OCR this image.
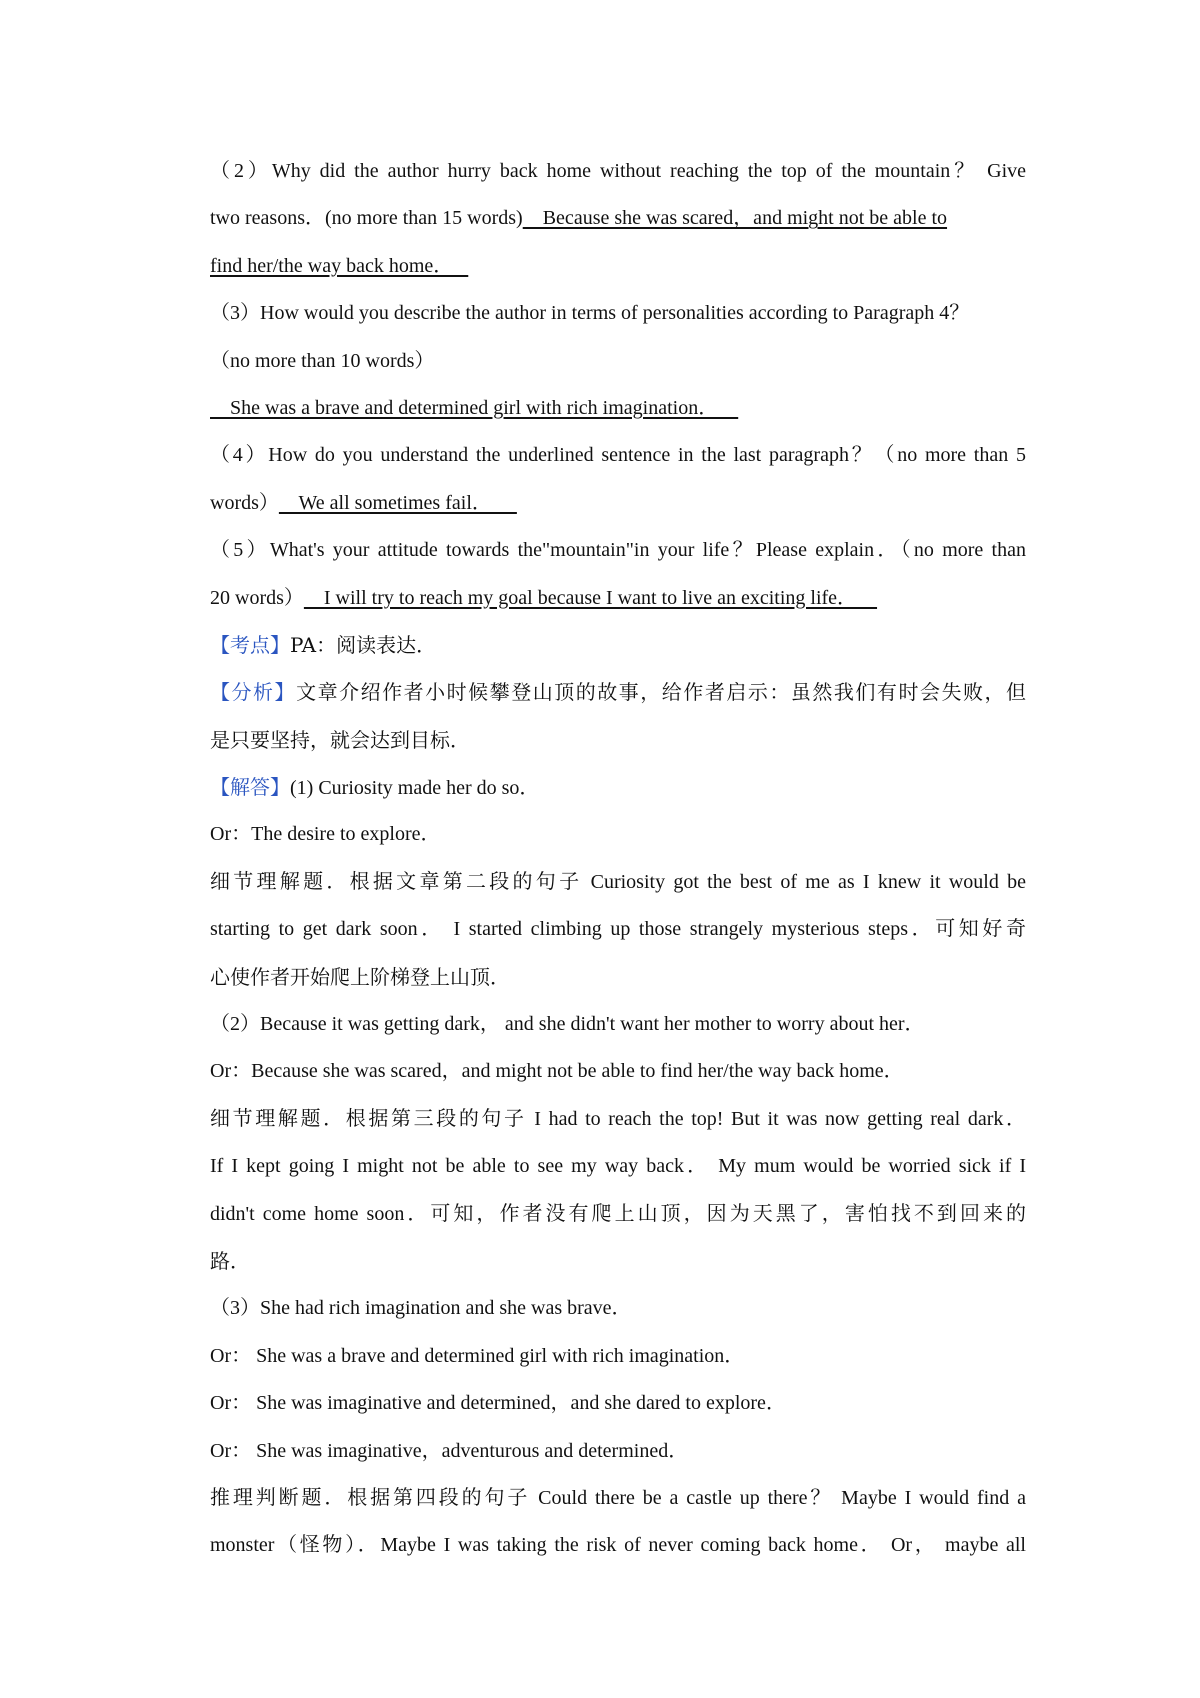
（2）Why did the author hurry back home without reaching the top of the mountain？ Give
two reasons．(no more than 15 words)    Because she was scared，and might not be able to
find her/the way back home．
（3）How would you describe the author in terms of personalities according to Paragraph 4？
（no more than 10 words）
She was a brave and determined girl with rich imagination．
（4）How do you understand the underlined sentence in the last paragraph？（no more than 5
words）    We all sometimes fail．
（5）What's your attitude towards the"mountain"in your life？Please explain．（no more than
20 words）    I will try to reach my goal because I want to live an exciting life．
【考点】PA：阅读表达．
【分析】文章介绍作者小时候攀登山顶的故事，给作者启示：虽然我们有时会失败，但
是只要坚持，就会达到目标．
【解答】(1) Curiosity made her do so．
Or：The desire to explore．
细节理解题．根据文章第二段的句子 Curiosity got the best of me as I knew it would be
starting to get dark soon． I started climbing up those strangely mysterious steps．可知好奇
心使作者开始爬上阶梯登上山顶．
（2）Because it was getting dark， and she didn't want her mother to worry about her．
Or：Because she was scared，and might not be able to find her/the way back home．
细节理解题．根据第三段的句子 I had to reach the top! But it was now getting real dark．
If I kept going I might not be able to see my way back． My mum would be worried sick if I
didn't come home soon．可知，作者没有爬上山顶，因为天黑了，害怕找不到回来的
路．
（3）She had rich imagination and she was brave．
Or： She was a brave and determined girl with rich imagination．
Or： She was imaginative and determined，and she dared to explore．
Or： She was imaginative，adventurous and determined．
推理判断题．根据第四段的句子 Could there be a castle up there？ Maybe I would find a
monster（怪物）．Maybe I was taking the risk of never coming back home． Or， maybe all
